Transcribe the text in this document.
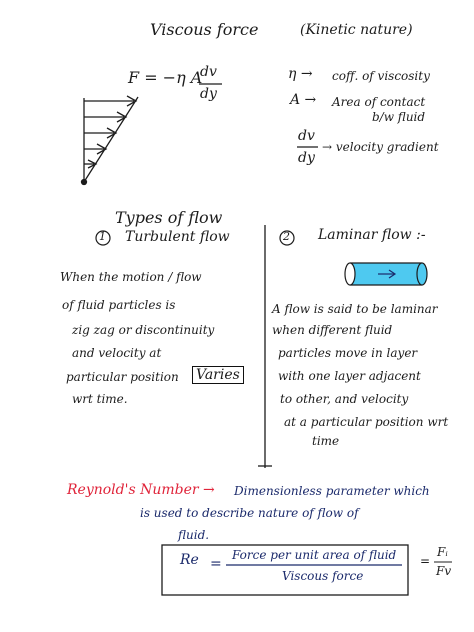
Viscous force	(Kinetic nature)
F = −η A
dv
dy
η → coff. of viscosity
A → Area of contact
b/w fluid
dv
dy
→ velocity gradient
Types of flow
1 Turbulent flow	2 Laminar flow :-
When the motion / flow
of fluid particles is
zig zag or discontinuity
and velocity at
particular position Varies
wrt time.
A flow is said to be laminar
when different fluid
particles move in layer
with one layer adjacent
to other, and velocity
at a particular position wrt
time
Reynold's Number → Dimensionless parameter which
is used to describe nature of flow of
fluid.
Re =
Force per unit area of fluid
Viscous force
=
Fᵢ
Fv
